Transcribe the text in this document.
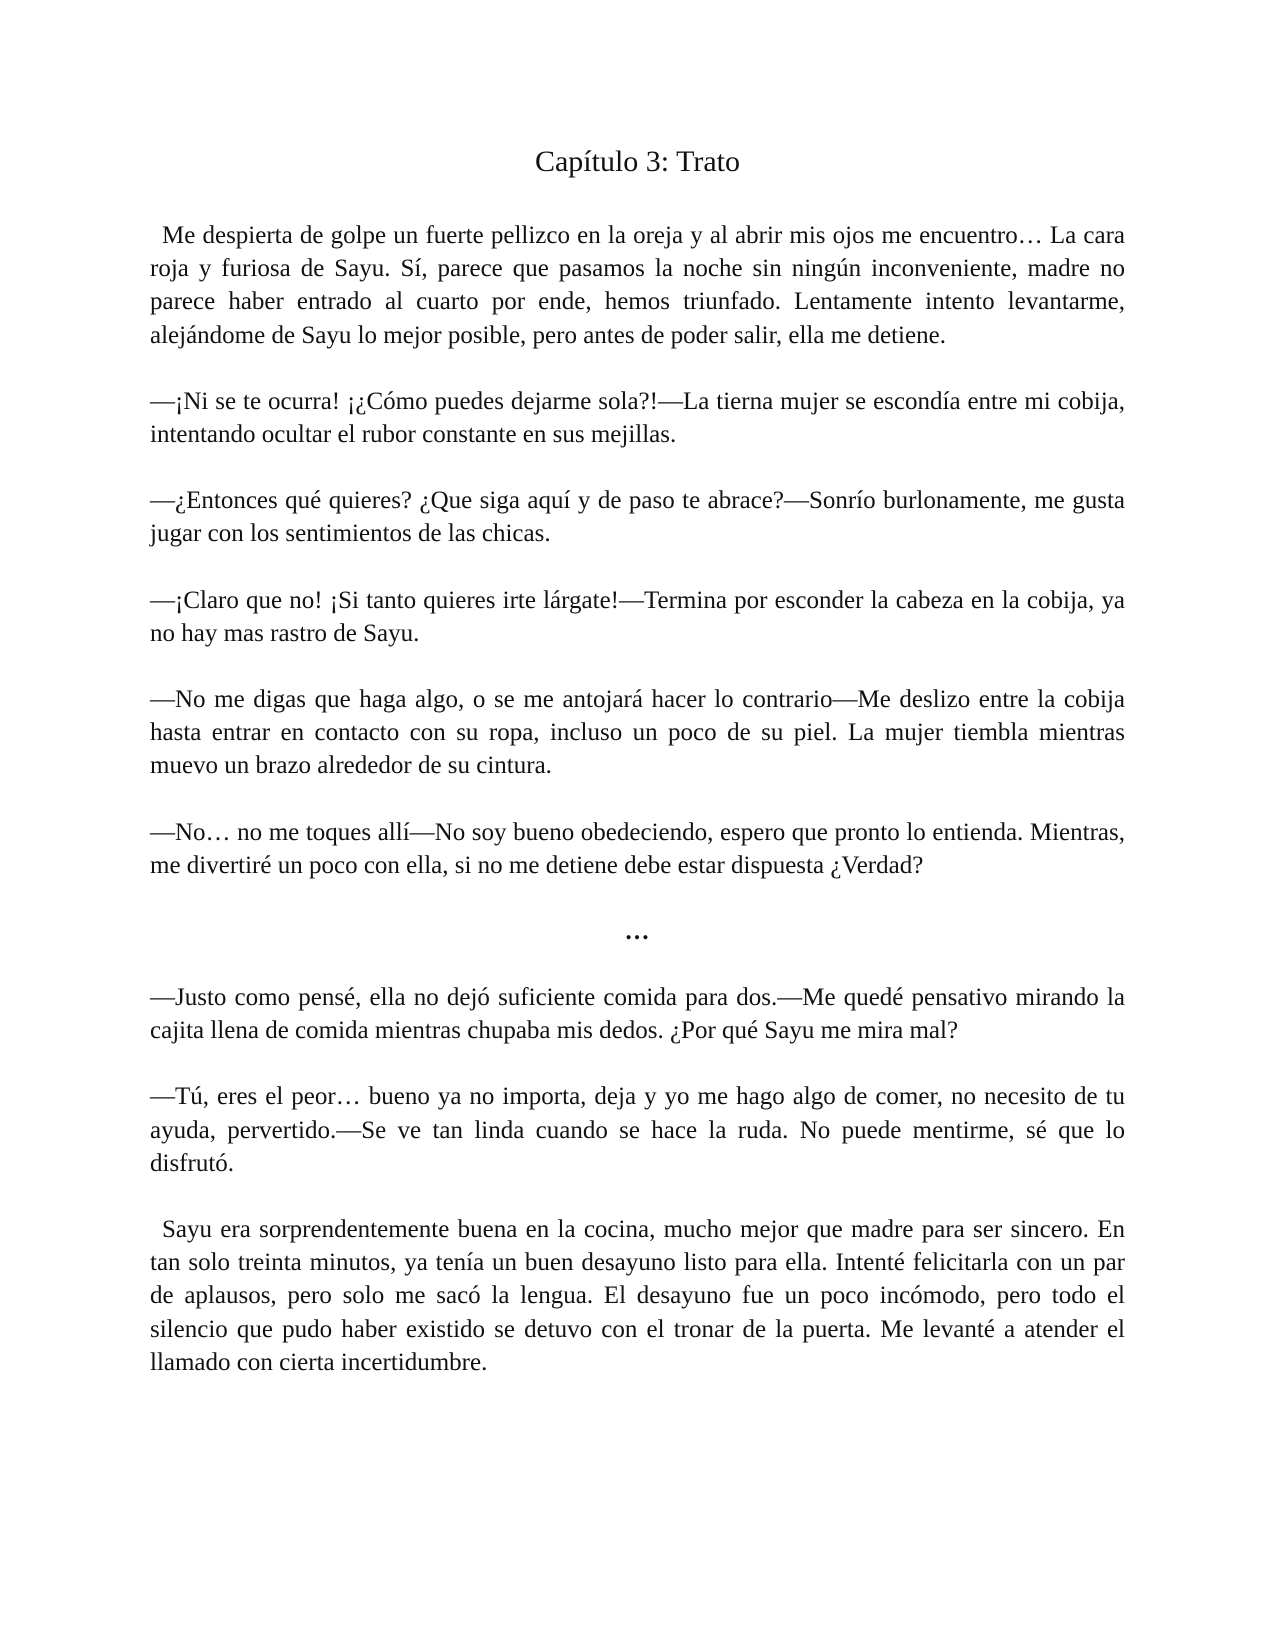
Capítulo 3: Trato

Me despierta de golpe un fuerte pellizco en la oreja y al abrir mis ojos me encuentro… La cara roja y furiosa de Sayu. Sí, parece que pasamos la noche sin ningún inconveniente, madre no parece haber entrado al cuarto por ende, hemos triunfado. Lentamente intento levantarme, alejándome de Sayu lo mejor posible, pero antes de poder salir, ella me detiene.

—¡Ni se te ocurra! ¡¿Cómo puedes dejarme sola?!—La tierna mujer se escondía entre mi cobija, intentando ocultar el rubor constante en sus mejillas.

—¿Entonces qué quieres? ¿Que siga aquí y de paso te abrace?—Sonrío burlonamente, me gusta jugar con los sentimientos de las chicas.

—¡Claro que no! ¡Si tanto quieres irte lárgate!—Termina por esconder la cabeza en la cobija, ya no hay mas rastro de Sayu.

—No me digas que haga algo, o se me antojará hacer lo contrario—Me deslizo entre la cobija hasta entrar en contacto con su ropa, incluso un poco de su piel. La mujer tiembla mientras muevo un brazo alrededor de su cintura.

—No… no me toques allí—No soy bueno obedeciendo, espero que pronto lo entienda. Mientras, me divertiré un poco con ella, si no me detiene debe estar dispuesta ¿Verdad?

…

—Justo como pensé, ella no dejó suficiente comida para dos.—Me quedé pensativo mirando la cajita llena de comida mientras chupaba mis dedos. ¿Por qué Sayu me mira mal?

—Tú, eres el peor… bueno ya no importa, deja y yo me hago algo de comer, no necesito de tu ayuda, pervertido.—Se ve tan linda cuando se hace la ruda. No puede mentirme, sé que lo disfrutó.

Sayu era sorprendentemente buena en la cocina, mucho mejor que madre para ser sincero. En tan solo treinta minutos, ya tenía un buen desayuno listo para ella. Intenté felicitarla con un par de aplausos, pero solo me sacó la lengua. El desayuno fue un poco incómodo, pero todo el silencio que pudo haber existido se detuvo con el tronar de la puerta. Me levanté a atender el llamado con cierta incertidumbre.
